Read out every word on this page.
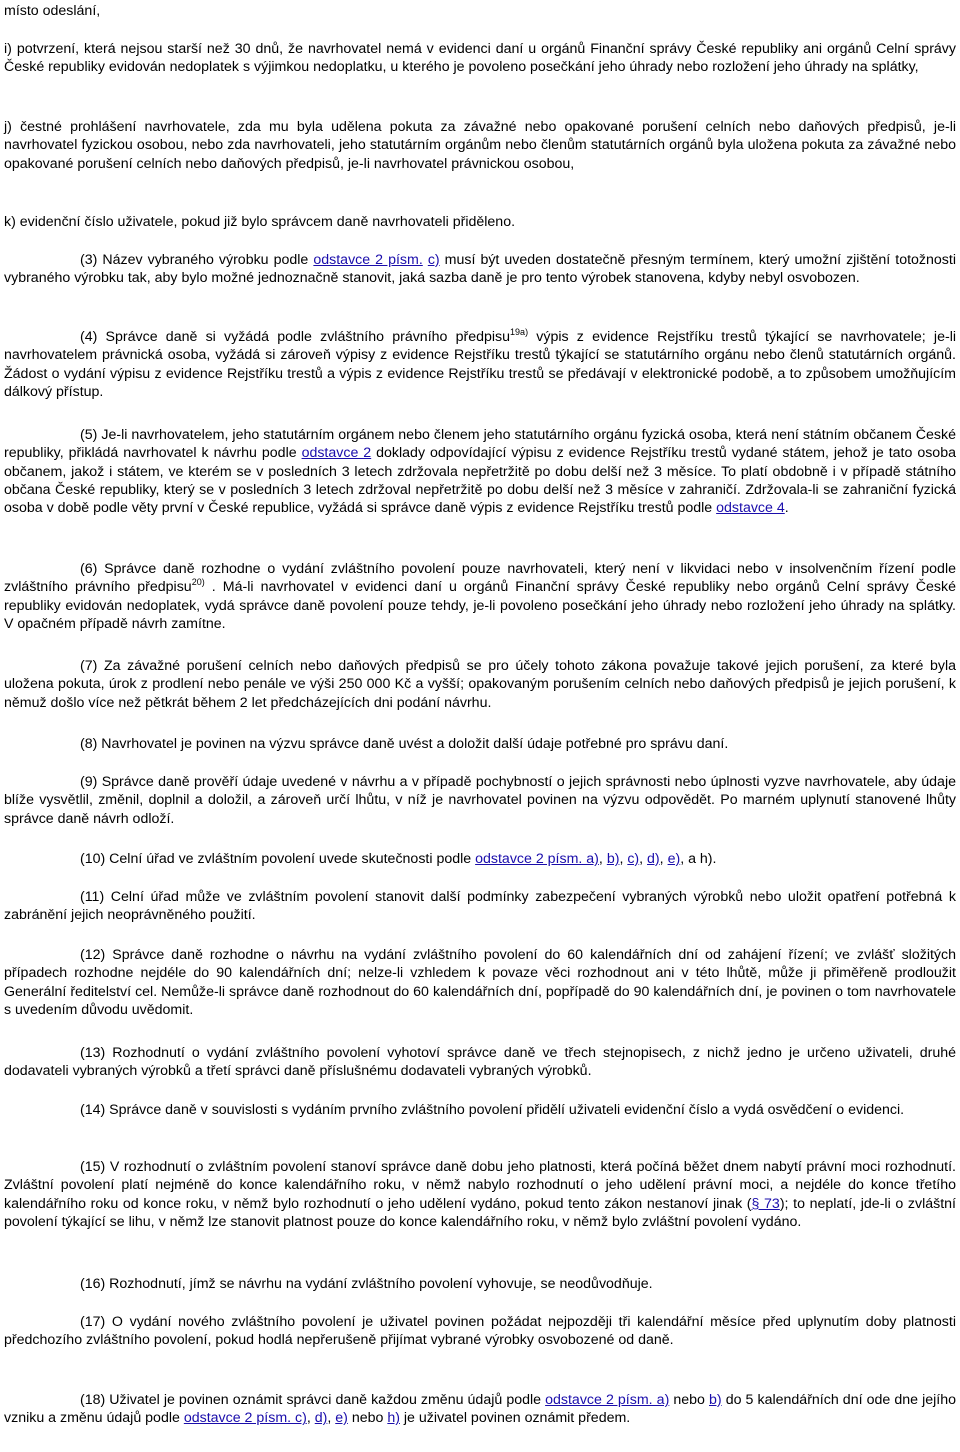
místo odeslání,

i) potvrzení, která nejsou starší než 30 dnů, že navrhovatel nemá v evidenci daní u orgánů Finanční správy České republiky ani orgánů Celní správy České republiky evidován nedoplatek s výjimkou nedoplatku, u kterého je povoleno posečkání jeho úhrady nebo rozložení jeho úhrady na splátky,

j) čestné prohlášení navrhovatele, zda mu byla udělena pokuta za závažné nebo opakované porušení celních nebo daňových předpisů, je-li navrhovatel fyzickou osobou, nebo zda navrhovateli, jeho statutárním orgánům nebo členům statutárních orgánů byla uložena pokuta za závažné nebo opakované porušení celních nebo daňových předpisů, je-li navrhovatel právnickou osobou,

k) evidenční číslo uživatele, pokud již bylo správcem daně navrhovateli přiděleno.

(3) Název vybraného výrobku podle odstavce 2 písm. c) musí být uveden dostatečně přesným termínem, který umožní zjištění totožnosti vybraného výrobku tak, aby bylo možné jednoznačně stanovit, jaká sazba daně je pro tento výrobek stanovena, kdyby nebyl osvobozen.

(4) Správce daně si vyžádá podle zvláštního právního předpisu$^{19a)}$ výpis z evidence Rejstříku trestů týkající se navrhovatele; je-li navrhovatelem právnická osoba, vyžádá si zároveň výpisy z evidence Rejstříku trestů týkající se statutárního orgánu nebo členů statutárních orgánů. Žádost o vydání výpisu z evidence Rejstříku trestů a výpis z evidence Rejstříku trestů se předávají v elektronické podobě, a to způsobem umožňujícím dálkový přístup.

(5) Je-li navrhovatelem, jeho statutárním orgánem nebo členem jeho statutárního orgánu fyzická osoba, která není státním občanem České republiky, přikládá navrhovatel k návrhu podle odstavce 2 doklady odpovídající výpisu z evidence Rejstříku trestů vydané státem, jehož je tato osoba občanem, jakož i státem, ve kterém se v posledních 3 letech zdržovala nepřetržitě po dobu delší než 3 měsíce. To platí obdobně i v případě státního občana České republiky, který se v posledních 3 letech zdržoval nepřetržitě po dobu delší než 3 měsíce v zahraničí. Zdržovala-li se zahraniční fyzická osoba v době podle věty první v České republice, vyžádá si správce daně výpis z evidence Rejstříku trestů podle odstavce 4.

(6) Správce daně rozhodne o vydání zvláštního povolení pouze navrhovateli, který není v likvidaci nebo v insolvenčním řízení podle zvláštního právního předpisu$^{20)}$ . Má-li navrhovatel v evidenci daní u orgánů Finanční správy České republiky nebo orgánů Celní správy České republiky evidován nedoplatek, vydá správce daně povolení pouze tehdy, je-li povoleno posečkání jeho úhrady nebo rozložení jeho úhrady na splátky. V opačném případě návrh zamítne.

(7) Za závažné porušení celních nebo daňových předpisů se pro účely tohoto zákona považuje takové jejich porušení, za které byla uložena pokuta, úrok z prodlení nebo penále ve výši 250 000 Kč a vyšší; opakovaným porušením celních nebo daňových předpisů je jejich porušení, k němuž došlo více než pětkrát během 2 let předcházejících dni podání návrhu.

(8) Navrhovatel je povinen na výzvu správce daně uvést a doložit další údaje potřebné pro správu daní.

(9) Správce daně prověří údaje uvedené v návrhu a v případě pochybností o jejich správnosti nebo úplnosti vyzve navrhovatele, aby údaje blíže vysvětlil, změnil, doplnil a doložil, a zároveň určí lhůtu, v níž je navrhovatel povinen na výzvu odpovědět. Po marném uplynutí stanovené lhůty správce daně návrh odloží.

(10) Celní úřad ve zvláštním povolení uvede skutečnosti podle odstavce 2 písm. a), b), c), d), e), a h).

(11) Celní úřad může ve zvláštním povolení stanovit další podmínky zabezpečení vybraných výrobků nebo uložit opatření potřebná k zabránění jejich neoprávněného použití.

(12) Správce daně rozhodne o návrhu na vydání zvláštního povolení do 60 kalendářních dní od zahájení řízení; ve zvlášť složitých případech rozhodne nejdéle do 90 kalendářních dní; nelze-li vzhledem k povaze věci rozhodnout ani v této lhůtě, může ji přiměřeně prodloužit Generální ředitelství cel. Nemůže-li správce daně rozhodnout do 60 kalendářních dní, popřípadě do 90 kalendářních dní, je povinen o tom navrhovatele s uvedením důvodu uvědomit.

(13) Rozhodnutí o vydání zvláštního povolení vyhotoví správce daně ve třech stejnopisech, z nichž jedno je určeno uživateli, druhé dodavateli vybraných výrobků a třetí správci daně příslušnému dodavateli vybraných výrobků.

(14) Správce daně v souvislosti s vydáním prvního zvláštního povolení přidělí uživateli evidenční číslo a vydá osvědčení o evidenci.

(15) V rozhodnutí o zvláštním povolení stanoví správce daně dobu jeho platnosti, která počíná běžet dnem nabytí právní moci rozhodnutí. Zvláštní povolení platí nejméně do konce kalendářního roku, v němž nabylo rozhodnutí o jeho udělení právní moci, a nejdéle do konce třetího kalendářního roku od konce roku, v němž bylo rozhodnutí o jeho udělení vydáno, pokud tento zákon nestanoví jinak (§ 73); to neplatí, jde-li o zvláštní povolení týkající se lihu, v němž lze stanovit platnost pouze do konce kalendářního roku, v němž bylo zvláštní povolení vydáno.

(16) Rozhodnutí, jímž se návrhu na vydání zvláštního povolení vyhovuje, se neodůvodňuje.

(17) O vydání nového zvláštního povolení je uživatel povinen požádat nejpozději tři kalendářní měsíce před uplynutím doby platnosti předchozího zvláštního povolení, pokud hodlá nepřerušeně přijímat vybrané výrobky osvobozené od daně.

(18) Uživatel je povinen oznámit správci daně každou změnu údajů podle odstavce 2 písm. a) nebo b) do 5 kalendářních dní ode dne jejího vzniku a změnu údajů podle odstavce 2 písm. c), d), e) nebo h) je uživatel povinen oznámit předem.
